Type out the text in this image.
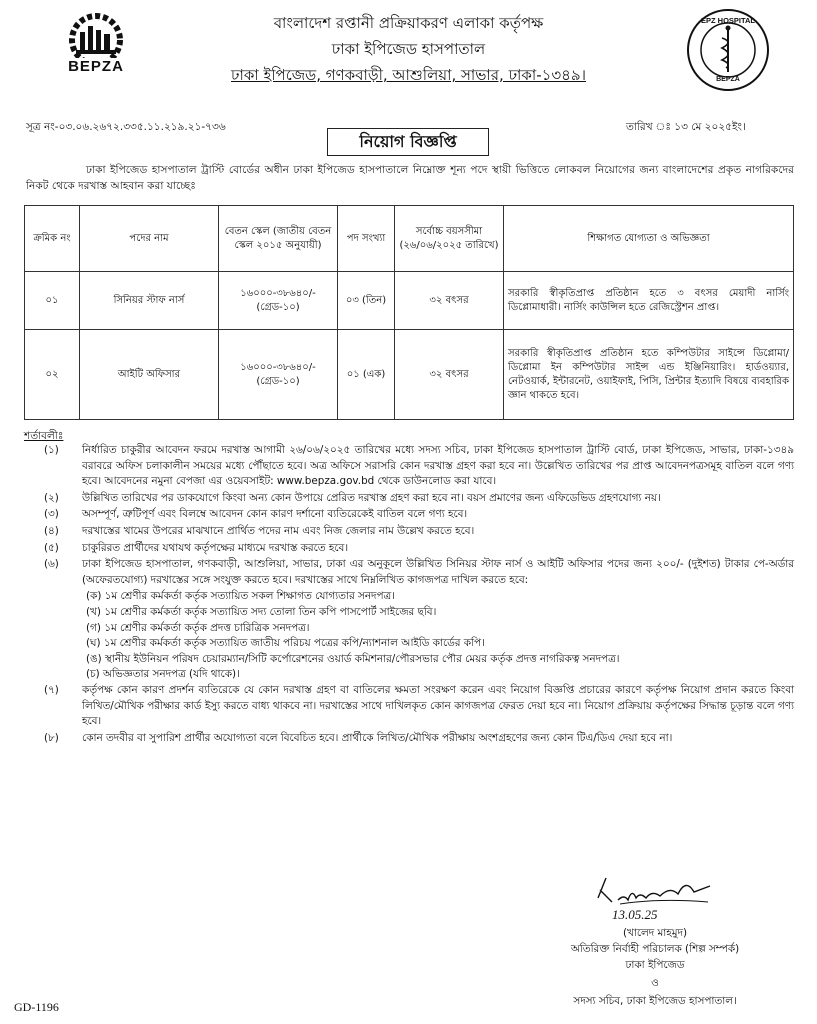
BEPZA
EPZ HOSPITAL
BEPZA
বাংলাদেশ রপ্তানী প্রক্রিয়াকরণ এলাকা কর্তৃপক্ষ
ঢাকা ইপিজেড হাসপাতাল
ঢাকা ইপিজেড, গণকবাড়ী, আশুলিয়া, সাভার, ঢাকা-১৩৪৯।
সূত্র নং-০৩.০৬.২৬৭২.৩৩৫.১১.২১৯.২১-৭৩৬	তারিখ ঃ ১৩ মে ২০২৫ইং।
নিয়োগ বিজ্ঞপ্তি
ঢাকা ইপিজেড হাসপাতাল ট্রাস্টি বোর্ডের অধীন ঢাকা ইপিজেড হাসপাতালে নিম্নোক্ত শূন্য পদে স্থায়ী ভিত্তিতে লোকবল নিয়োগের জন্য বাংলাদেশের প্রকৃত নাগরিকদের নিকট থেকে দরখাস্ত আহবান করা যাচ্ছেঃ
ক্রমিক নং	পদের নাম	বেতন স্কেল (জাতীয় বেতন স্কেল ২০১৫ অনুযায়ী)	পদ সংখ্যা	সর্বোচ্চ বয়সসীমা (২৬/০৬/২০২৫ তারিখে)	শিক্ষাগত যোগ্যতা ও অভিজ্ঞতা
০১	সিনিয়র স্টাফ নার্স	১৬০০০-৩৮৬৪০/- (গ্রেড-১০)	০৩ (তিন)	৩২ বৎসর	সরকারি স্বীকৃতিপ্রাপ্ত প্রতিষ্ঠান হতে ৩ বৎসর মেয়াদী নার্সিং ডিপ্লোমাধারী। নার্সিং কাউন্সিল হতে রেজিস্ট্রেশন প্রাপ্ত।
০২	আইটি অফিসার	১৬০০০-৩৮৬৪০/- (গ্রেড-১০)	০১ (এক)	৩২ বৎসর	সরকারি স্বীকৃতিপ্রাপ্ত প্রতিষ্ঠান হতে কম্পিউটার সাইন্সে ডিপ্লোমা/ডিপ্লোমা ইন কম্পিউটার সাইন্স এন্ড ইঞ্জিনিয়ারিং। হার্ডওয়্যার, নেটওয়ার্ক, ইন্টারনেট, ওয়াইফাই, পিসি, প্রিন্টার ইত্যাদি বিষয়ে ব্যবহারিক জ্ঞান থাকতে হবে।
শর্তাবলীঃ
(১)	নির্ধারিত চাকুরীর আবেদন ফরমে দরখাস্ত আগামী ২৬/০৬/২০২৫ তারিখের মধ্যে সদস্য সচিব, ঢাকা ইপিজেড হাসপাতাল ট্রাস্টি বোর্ড, ঢাকা ইপিজেড, সাভার, ঢাকা-১৩৪৯ বরাবরে অফিস চলাকালীন সময়ের মধ্যে পৌঁছাতে হবে। অত্র অফিসে সরাসরি কোন দরখাস্ত গ্রহণ করা হবে না। উল্লেখিত তারিখের পর প্রাপ্ত আবেদনপত্রসমূহ বাতিল বলে গণ্য হবে। আবেদনের নমুনা বেপজা এর ওয়েবসাইট: www.bepza.gov.bd থেকে ডাউনলোড করা যাবে।
(২)	উল্লিখিত তারিখের পর ডাকযোগে কিংবা অন্য কোন উপায়ে প্রেরিত দরখাস্ত গ্রহণ করা হবে না। বয়স প্রমাণের জন্য এফিডেভিড গ্রহণযোগ্য নয়।
(৩)	অসম্পূর্ণ, ত্রুটিপূর্ণ এবং বিলম্বে আবেদন কোন কারণ দর্শানো ব্যতিরেকেই বাতিল বলে গণ্য হবে।
(৪)	দরখাস্তের খামের উপরের মাঝখানে প্রার্থিত পদের নাম এবং নিজ জেলার নাম উল্লেখ করতে হবে।
(৫)	চাকুরিরত প্রার্থীদের যথাযথ কর্তৃপক্ষের মাধ্যমে দরখাস্ত করতে হবে।
(৬)	ঢাকা ইপিজেড হাসপাতাল, গণকবাড়ী, আশুলিয়া, সাভার, ঢাকা এর অনুকূলে উল্লিখিত সিনিয়র স্টাফ নার্স ও আইটি অফিসার পদের জন্য ২০০/- (দুইশত) টাকার পে-অর্ডার (অফেরতযোগ্য) দরখাস্তের সঙ্গে সংযুক্ত করতে হবে। দরখাস্তের সাথে নিম্নলিখিত কাগজপত্র দাখিল করতে হবে:
(ক) ১ম শ্রেণীর কর্মকর্তা কর্তৃক সত্যায়িত সকল শিক্ষাগত যোগ্যতার সনদপত্র।
(খ) ১ম শ্রেণীর কর্মকর্তা কর্তৃক সত্যায়িত সদ্য তোলা তিন কপি পাসপোর্ট সাইজের ছবি।
(গ) ১ম শ্রেণীর কর্মকর্তা কর্তৃক প্রদত্ত চারিত্রিক সনদপত্র।
(ঘ) ১ম শ্রেণীর কর্মকর্তা কর্তৃক সত্যায়িত জাতীয় পরিচয় পত্রের কপি/ন্যাশনাল আইডি কার্ডের কপি।
(ঙ) স্থানীয় ইউনিয়ন পরিষদ চেয়ারম্যান/সিটি কর্পোরেশনের ওয়ার্ড কমিশনার/পৌরসভার পৌর মেয়র কর্তৃক প্রদত্ত নাগরিকত্ব সনদপত্র।
(চ) অভিজ্ঞতার সনদপত্র (যদি থাকে)।
(৭)	কর্তৃপক্ষ কোন কারণ প্রদর্শন ব্যতিরেকে যে কোন দরখাস্ত গ্রহণ বা বাতিলের ক্ষমতা সংরক্ষণ করেন এবং নিয়োগ বিজ্ঞপ্তি প্রচারের কারণে কর্তৃপক্ষ নিয়োগ প্রদান করতে কিংবা লিখিত/মৌখিক পরীক্ষার কার্ড ইস্যু করতে বাধ্য থাকবে না। দরখাস্তের সাথে দাখিলকৃত কোন কাগজপত্র ফেরত দেয়া হবে না। নিয়োগ প্রক্রিয়ায় কর্তৃপক্ষের সিদ্ধান্ত চূড়ান্ত বলে গণ্য হবে।
(৮)	কোন তদবীর বা সুপারিশ প্রার্থীর অযোগ্যতা বলে বিবেচিত হবে। প্রার্থীকে লিখিত/মৌখিক পরীক্ষায় অংশগ্রহণের জন্য কোন টিএ/ডিএ দেয়া হবে না।
13.05.25
(খালেদ মাহমুদ)
অতিরিক্ত নির্বাহী পরিচালক (শিল্প সম্পর্ক)
ঢাকা ইপিজেড
ও
সদস্য সচিব, ঢাকা ইপিজেড হাসপাতাল।
GD-1196
